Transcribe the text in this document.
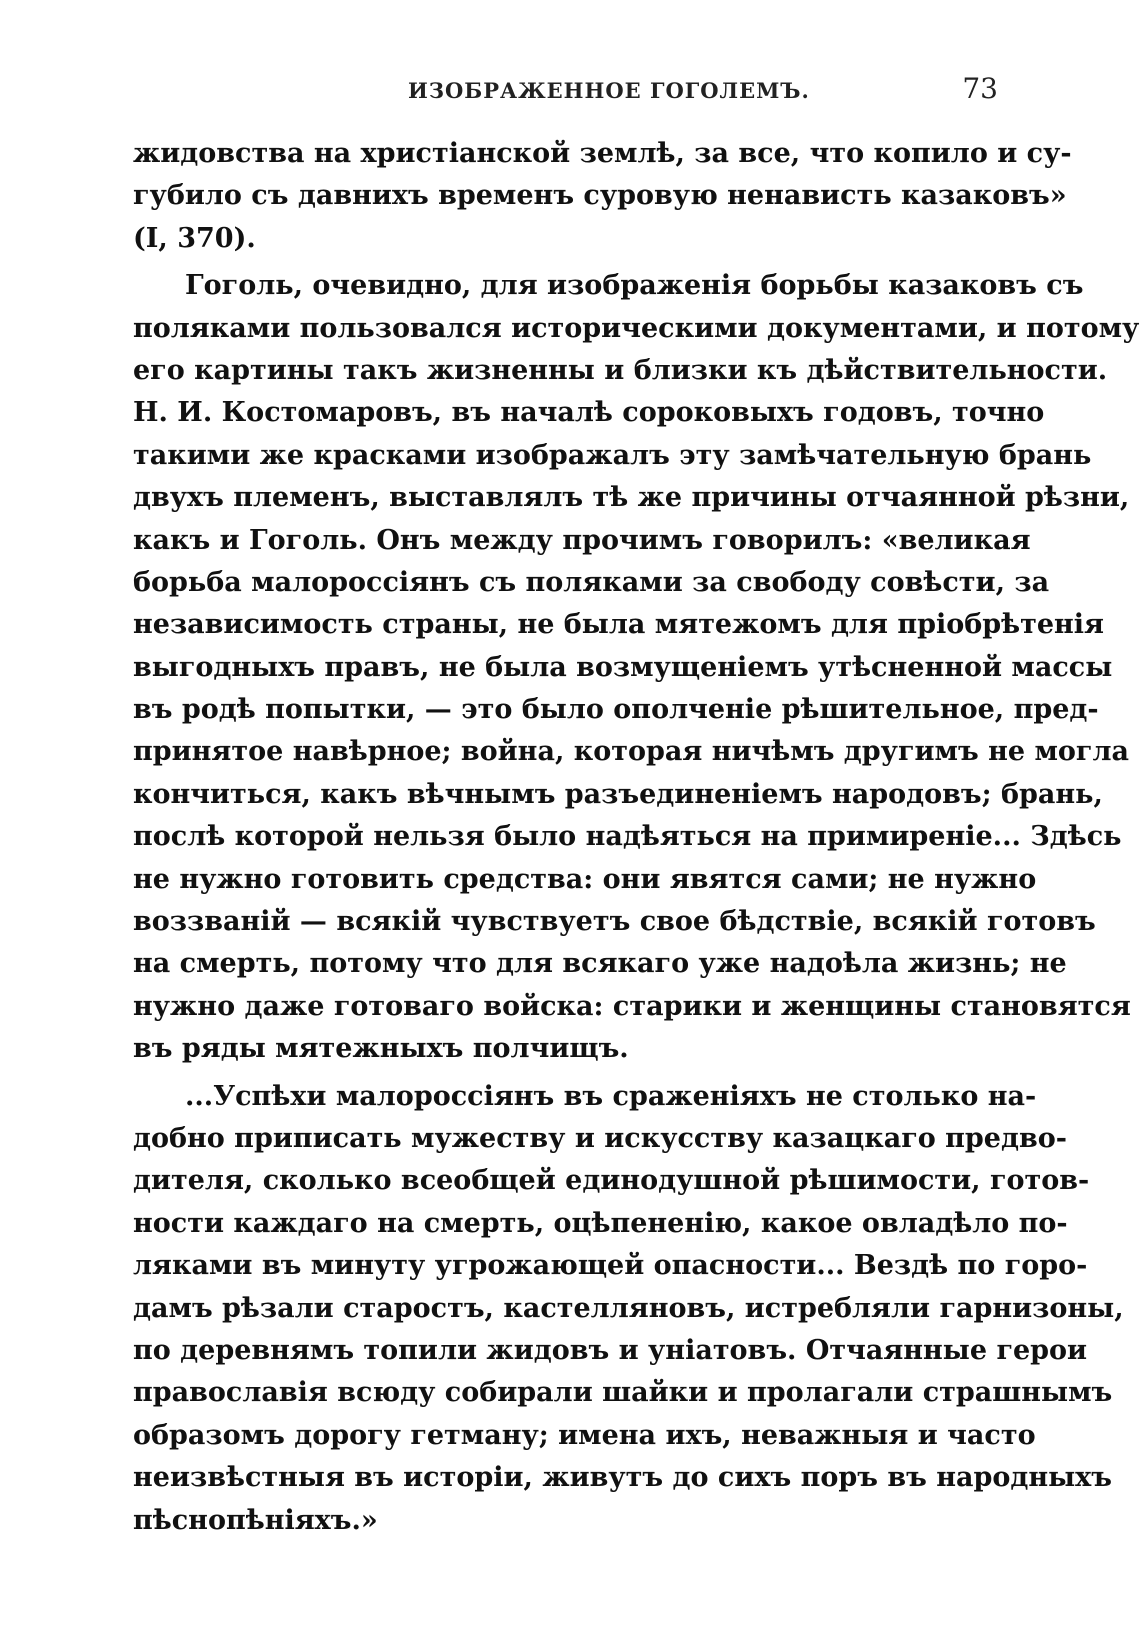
ИЗОБРАЖЕННОЕ ГОГОЛЕМЪ.	73
жидовства на христіанской землѣ, за все, что копило и су-
губило съ давнихъ временъ суровую ненависть казаковъ»
(I, 370).
Гоголь, очевидно, для изображенія борьбы казаковъ съ
поляками пользовался историческими документами, и потому
его картины такъ жизненны и близки къ дѣйствительности.
Н. И. Костомаровъ, въ началѣ сороковыхъ годовъ, точно
такими же красками изображалъ эту замѣчательную брань
двухъ племенъ, выставлялъ тѣ же причины отчаянной рѣзни,
какъ и Гоголь. Онъ между прочимъ говорилъ: «великая
борьба малороссіянъ съ поляками за свободу совѣсти, за
независимость страны, не была мятежомъ для пріобрѣтенія
выгодныхъ правъ, не была возмущеніемъ утѣсненной массы
въ родѣ попытки, — это было ополченіе рѣшительное, пред-
принятое навѣрное; война, которая ничѣмъ другимъ не могла
кончиться, какъ вѣчнымъ разъединеніемъ народовъ; брань,
послѣ которой нельзя было надѣяться на примиреніе... Здѣсь
не нужно готовить средства: они явятся сами; не нужно
воззваній — всякій чувствуетъ свое бѣдствіе, всякій готовъ
на смерть, потому что для всякаго уже надоѣла жизнь; не
нужно даже готоваго войска: старики и женщины становятся
въ ряды мятежныхъ полчищъ.
...Успѣхи малороссіянъ въ сраженіяхъ не столько на-
добно приписать мужеству и искусству казацкаго предво-
дителя, сколько всеобщей единодушной рѣшимости, готов-
ности каждаго на смерть, оцѣпененію, какое овладѣло по-
ляками въ минуту угрожающей опасности... Вездѣ по горо-
дамъ рѣзали старостъ, кастелляновъ, истребляли гарнизоны,
по деревнямъ топили жидовъ и уніатовъ. Отчаянные герои
православія всюду собирали шайки и пролагали страшнымъ
образомъ дорогу гетману; имена ихъ, неважныя и часто
неизвѣстныя въ исторіи, живутъ до сихъ поръ въ народныхъ
пѣснопѣніяхъ.»
